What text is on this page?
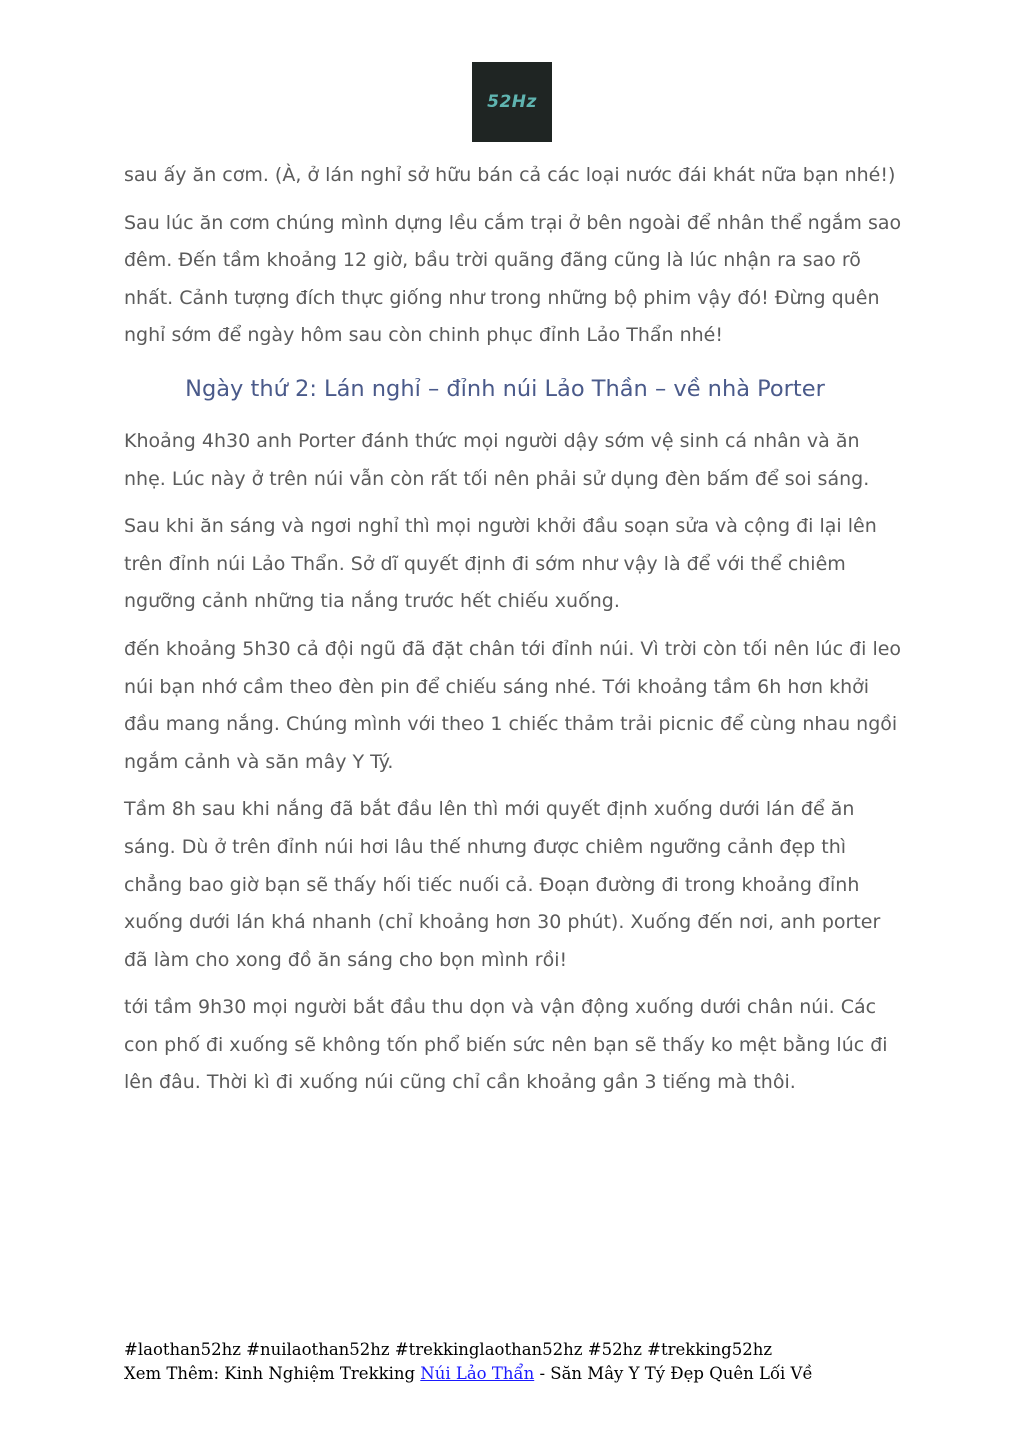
52Hz

sau ấy ăn cơm. (À, ở lán nghỉ sở hữu bán cả các loại nước đái khát nữa bạn nhé!)

Sau lúc ăn cơm chúng mình dựng lều cắm trại ở bên ngoài để nhân thể ngắm sao đêm. Đến tầm khoảng 12 giờ, bầu trời quãng đãng cũng là lúc nhận ra sao rõ nhất. Cảnh tượng đích thực giống như trong những bộ phim vậy đó! Đừng quên nghỉ sớm để ngày hôm sau còn chinh phục đỉnh Lảo Thẩn nhé!

Ngày thứ 2: Lán nghỉ – đỉnh núi Lảo Thần – về nhà Porter

Khoảng 4h30 anh Porter đánh thức mọi người dậy sớm vệ sinh cá nhân và ăn nhẹ. Lúc này ở trên núi vẫn còn rất tối nên phải sử dụng đèn bấm để soi sáng.

Sau khi ăn sáng và ngơi nghỉ thì mọi người khởi đầu soạn sửa và cộng đi lại lên trên đỉnh núi Lảo Thẩn. Sở dĩ quyết định đi sớm như vậy là để với thể chiêm ngưỡng cảnh những tia nắng trước hết chiếu xuống.

đến khoảng 5h30 cả đội ngũ đã đặt chân tới đỉnh núi. Vì trời còn tối nên lúc đi leo núi bạn nhớ cầm theo đèn pin để chiếu sáng nhé. Tới khoảng tầm 6h hơn khởi đầu mang nắng. Chúng mình với theo 1 chiếc thảm trải picnic để cùng nhau ngồi ngắm cảnh và săn mây Y Tý.

Tầm 8h sau khi nắng đã bắt đầu lên thì mới quyết định xuống dưới lán để ăn sáng. Dù ở trên đỉnh núi hơi lâu thế nhưng được chiêm ngưỡng cảnh đẹp thì chẳng bao giờ bạn sẽ thấy hối tiếc nuối cả. Đoạn đường đi trong khoảng đỉnh xuống dưới lán khá nhanh (chỉ khoảng hơn 30 phút). Xuống đến nơi, anh porter đã làm cho xong đồ ăn sáng cho bọn mình rồi!

tới tầm 9h30 mọi người bắt đầu thu dọn và vận động xuống dưới chân núi. Các con phố đi xuống sẽ không tốn phổ biến sức nên bạn sẽ thấy ko mệt bằng lúc đi lên đâu. Thời kì đi xuống núi cũng chỉ cần khoảng gần 3 tiếng mà thôi.

#laothan52hz #nuilaothan52hz #trekkinglaothan52hz #52hz #trekking52hz
Xem Thêm: Kinh Nghiệm Trekking Núi Lảo Thẩn - Săn Mây Y Tý Đẹp Quên Lối Về
